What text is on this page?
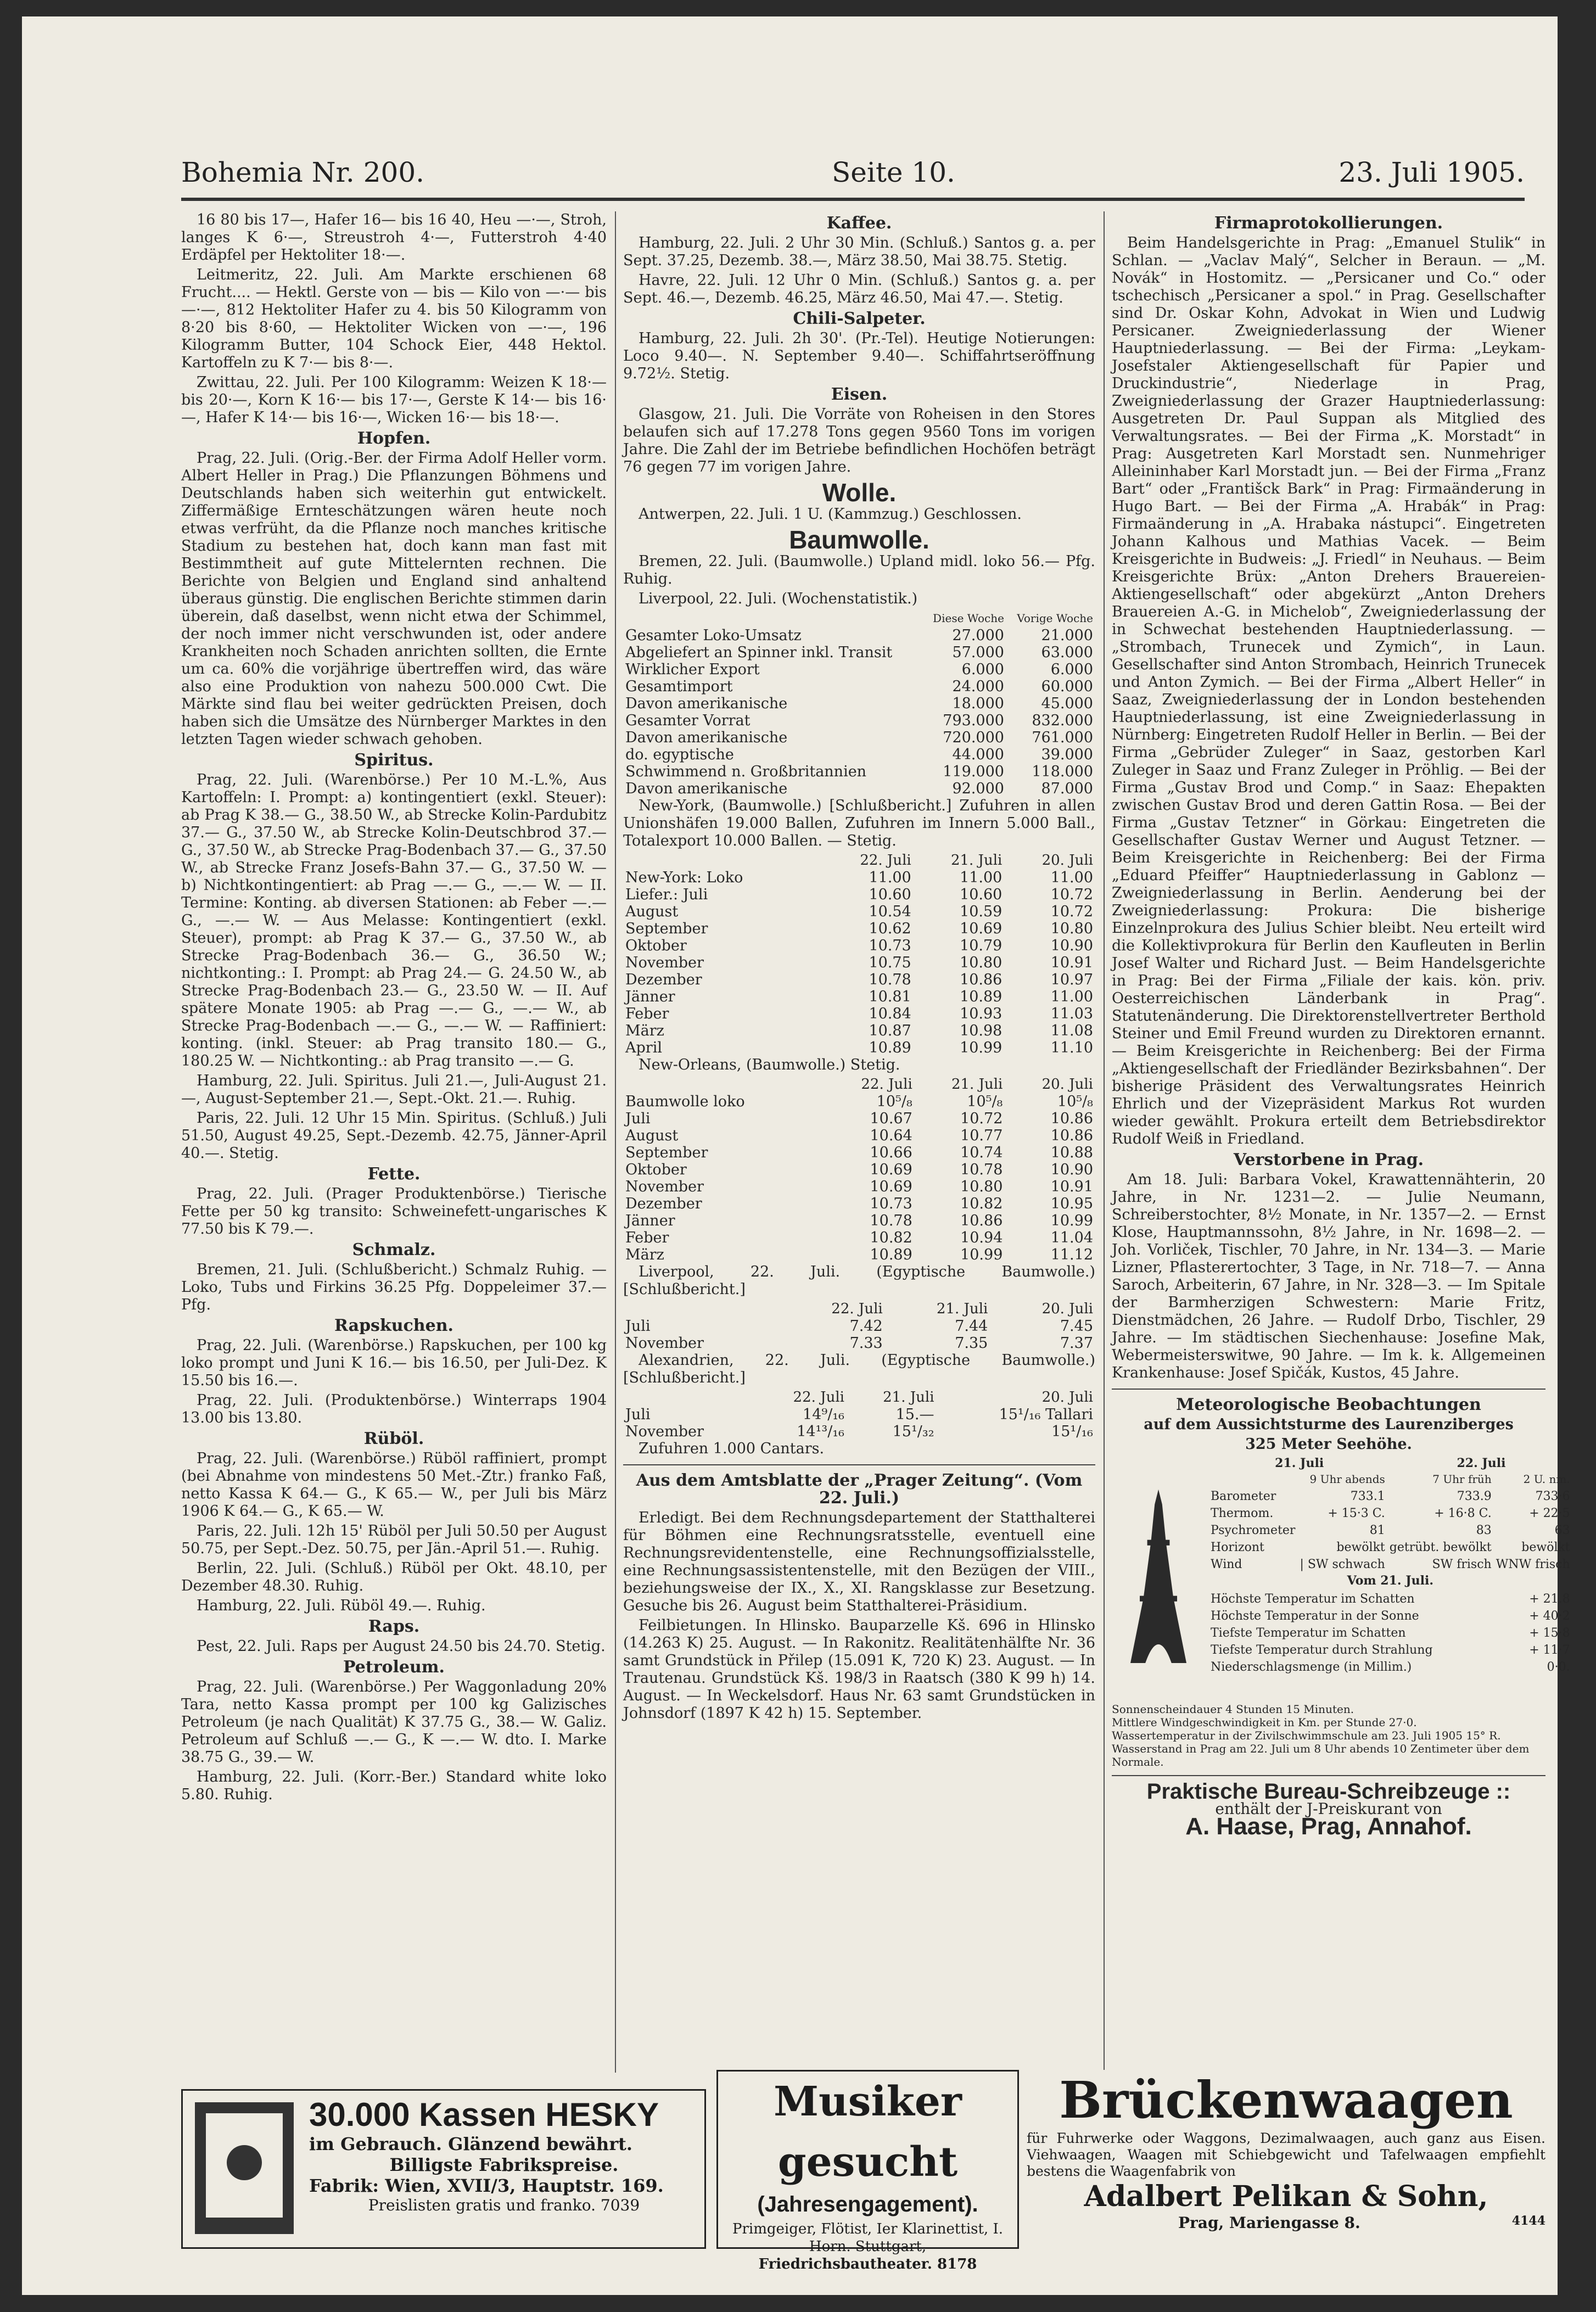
Bohemia Nr. 200.	Seite 10.	23. Juli 1905.

16 80 bis 17—, Hafer 16— bis 16 40, Heu —·—, Stroh, langes K 6·—, Streustroh 4·—, Futterstroh 4·40 Erdäpfel per Hektoliter 18·—.

Leitmeritz, 22. Juli. Am Markte erschienen 68 Frucht.... — Hektl. Gerste von — bis — Kilo von —·— bis —·—, 812 Hektoliter Hafer zu 4. bis 50 Kilogramm von 8·20 bis 8·60, — Hektoliter Wicken von —·—, 196 Kilogramm Butter, 104 Schock Eier, 448 Hektol. Kartoffeln zu K 7·— bis 8·—.

Zwittau, 22. Juli. Per 100 Kilogramm: Weizen K 18·— bis 20·—, Korn K 16·— bis 17·—, Gerste K 14·— bis 16·—, Hafer K 14·— bis 16·—, Wicken 16·— bis 18·—.

Hopfen.

Prag, 22. Juli. (Orig.-Ber. der Firma Adolf Heller vorm. Albert Heller in Prag.) Die Pflanzungen Böhmens und Deutschlands haben sich weiterhin gut entwickelt. Ziffermäßige Ernteschätzungen wären heute noch etwas verfrüht, da die Pflanze noch manches kritische Stadium zu bestehen hat, doch kann man fast mit Bestimmtheit auf gute Mittelernten rechnen. Die Berichte von Belgien und England sind anhaltend überaus günstig. Die englischen Berichte stimmen darin überein, daß daselbst, wenn nicht etwa der Schimmel, der noch immer nicht verschwunden ist, oder andere Krankheiten noch Schaden anrichten sollten, die Ernte um ca. 60% die vorjährige übertreffen wird, das wäre also eine Produktion von nahezu 500.000 Cwt. Die Märkte sind flau bei weiter gedrückten Preisen, doch haben sich die Umsätze des Nürnberger Marktes in den letzten Tagen wieder schwach gehoben.

Spiritus.

Prag, 22. Juli. (Warenbörse.) Per 10 M.-L.%, Aus Kartoffeln: I. Prompt: a) kontingentiert (exkl. Steuer): ab Prag K 38.— G., 38.50 W., ab Strecke Kolin-Pardubitz 37.— G., 37.50 W., ab Strecke Kolin-Deutschbrod 37.— G., 37.50 W., ab Strecke Prag-Bodenbach 37.— G., 37.50 W., ab Strecke Franz Josefs-Bahn 37.— G., 37.50 W. — b) Nichtkontingentiert: ab Prag —.— G., —.— W. — II. Termine: Konting. ab diversen Stationen: ab Feber —.— G., —.— W. — Aus Melasse: Kontingentiert (exkl. Steuer), prompt: ab Prag K 37.— G., 37.50 W., ab Strecke Prag-Bodenbach 36.— G., 36.50 W.; nichtkonting.: I. Prompt: ab Prag 24.— G. 24.50 W., ab Strecke Prag-Bodenbach 23.— G., 23.50 W. — II. Auf spätere Monate 1905: ab Prag —.— G., —.— W., ab Strecke Prag-Bodenbach —.— G., —.— W. — Raffiniert: konting. (inkl. Steuer: ab Prag transito 180.— G., 180.25 W. — Nichtkonting.: ab Prag transito —.— G.

Hamburg, 22. Juli. Spiritus. Juli 21.—, Juli-August 21.—, August-September 21.—, Sept.-Okt. 21.—. Ruhig.

Paris, 22. Juli. 12 Uhr 15 Min. Spiritus. (Schluß.) Juli 51.50, August 49.25, Sept.-Dezemb. 42.75, Jänner-April 40.—. Stetig.

Fette.

Prag, 22. Juli. (Prager Produktenbörse.) Tierische Fette per 50 kg transito: Schweinefett-ungarisches K 77.50 bis K 79.—.

Schmalz.

Bremen, 21. Juli. (Schlußbericht.) Schmalz Ruhig. — Loko, Tubs und Firkins 36.25 Pfg. Doppeleimer 37.— Pfg.

Rapskuchen.

Prag, 22. Juli. (Warenbörse.) Rapskuchen, per 100 kg loko prompt und Juni K 16.— bis 16.50, per Juli-Dez. K 15.50 bis 16.—.

Prag, 22. Juli. (Produktenbörse.) Winterraps 1904 13.00 bis 13.80.

Rüböl.

Prag, 22. Juli. (Warenbörse.) Rüböl raffiniert, prompt (bei Abnahme von mindestens 50 Met.-Ztr.) franko Faß, netto Kassa K 64.— G., K 65.— W., per Juli bis März 1906 K 64.— G., K 65.— W.

Paris, 22. Juli. 12h 15' Rüböl per Juli 50.50 per August 50.75, per Sept.-Dez. 50.75, per Jän.-April 51.—. Ruhig.

Berlin, 22. Juli. (Schluß.) Rüböl per Okt. 48.10, per Dezember 48.30. Ruhig.

Hamburg, 22. Juli. Rüböl 49.—. Ruhig.

Raps.

Pest, 22. Juli. Raps per August 24.50 bis 24.70. Stetig.

Petroleum.

Prag, 22. Juli. (Warenbörse.) Per Waggonladung 20% Tara, netto Kassa prompt per 100 kg Galizisches Petroleum (je nach Qualität) K 37.75 G., 38.— W. Galiz. Petroleum auf Schluß —.— G., K —.— W. dto. I. Marke 38.75 G., 39.— W.

Hamburg, 22. Juli. (Korr.-Ber.) Standard white loko 5.80. Ruhig.

Kaffee.

Hamburg, 22. Juli. 2 Uhr 30 Min. (Schluß.) Santos g. a. per Sept. 37.25, Dezemb. 38.—, März 38.50, Mai 38.75. Stetig.

Havre, 22. Juli. 12 Uhr 0 Min. (Schluß.) Santos g. a. per Sept. 46.—, Dezemb. 46.25, März 46.50, Mai 47.—. Stetig.

Chili-Salpeter.

Hamburg, 22. Juli. 2h 30'. (Pr.-Tel). Heutige Notierungen: Loco 9.40—. N. September 9.40—. Schiffahrtseröffnung 9.72½. Stetig.

Eisen.

Glasgow, 21. Juli. Die Vorräte von Roheisen in den Stores belaufen sich auf 17.278 Tons gegen 9560 Tons im vorigen Jahre. Die Zahl der im Betriebe befindlichen Hochöfen beträgt 76 gegen 77 im vorigen Jahre.

Wolle.

Antwerpen, 22. Juli. 1 U. (Kammzug.) Geschlossen.

Baumwolle.

Bremen, 22. Juli. (Baumwolle.) Upland midl. loko 56.— Pfg. Ruhig.

Liverpool, 22. Juli. (Wochenstatistik.)

	Diese Woche	Vorige Woche
Gesamter Loko-Umsatz	27.000	21.000
Abgeliefert an Spinner inkl. Transit	57.000	63.000
Wirklicher Export	6.000	6.000
Gesamtimport	24.000	60.000
Davon amerikanische	18.000	45.000
Gesamter Vorrat	793.000	832.000
Davon amerikanische	720.000	761.000
do. egyptische	44.000	39.000
Schwimmend n. Großbritannien	119.000	118.000
Davon amerikanische	92.000	87.000

New-York, (Baumwolle.) [Schlußbericht.] Zufuhren in allen Unionshäfen 19.000 Ballen, Zufuhren im Innern 5.000 Ball., Totalexport 10.000 Ballen. — Stetig.

	22. Juli	21. Juli	20. Juli
New-York: Loko	11.00	11.00	11.00
Liefer.: Juli	10.60	10.60	10.72
August	10.54	10.59	10.72
September	10.62	10.69	10.80
Oktober	10.73	10.79	10.90
November	10.75	10.80	10.91
Dezember	10.78	10.86	10.97
Jänner	10.81	10.89	11.00
Feber	10.84	10.93	11.03
März	10.87	10.98	11.08
April	10.89	10.99	11.10

New-Orleans, (Baumwolle.) Stetig.

	22. Juli	21. Juli	20. Juli
Baumwolle loko	10⁵/₈	10⁵/₈	10⁵/₈
Juli	10.67	10.72	10.86
August	10.64	10.77	10.86
September	10.66	10.74	10.88
Oktober	10.69	10.78	10.90
November	10.69	10.80	10.91
Dezember	10.73	10.82	10.95
Jänner	10.78	10.86	10.99
Feber	10.82	10.94	11.04
März	10.89	10.99	11.12

Liverpool, 22. Juli. (Egyptische Baumwolle.) [Schlußbericht.]

	22. Juli	21. Juli	20. Juli
Juli	7.42	7.44	7.45
November	7.33	7.35	7.37

Alexandrien, 22. Juli. (Egyptische Baumwolle.) [Schlußbericht.]

	22. Juli	21. Juli	20. Juli
Juli	14⁹/₁₆	15.—	15¹/₁₆ Tallari
November	14¹³/₁₆	15¹/₃₂	15¹/₁₆

Zufuhren 1.000 Cantars.

Aus dem Amtsblatte der „Prager Zeitung“. (Vom 22. Juli.)

Erledigt. Bei dem Rechnungsdepartement der Statthalterei für Böhmen eine Rechnungsratsstelle, eventuell eine Rechnungsrevidentenstelle, eine Rechnungsoffizialsstelle, eine Rechnungsassistentenstelle, mit den Bezügen der VIII., beziehungsweise der IX., X., XI. Rangsklasse zur Besetzung. Gesuche bis 26. August beim Statthalterei-Präsidium.

Feilbietungen. In Hlinsko. Bauparzelle Kš. 696 in Hlinsko (14.263 K) 25. August. — In Rakonitz. Realitätenhälfte Nr. 36 samt Grundstück in Přilep (15.091 K, 720 K) 23. August. — In Trautenau. Grundstück Kš. 198/3 in Raatsch (380 K 99 h) 14. August. — In Weckelsdorf. Haus Nr. 63 samt Grundstücken in Johnsdorf (1897 K 42 h) 15. September.

Firmaprotokollierungen.

Beim Handelsgerichte in Prag: „Emanuel Stulik“ in Schlan. — „Vaclav Malý“, Selcher in Beraun. — „M. Novák“ in Hostomitz. — „Persicaner und Co.“ oder tschechisch „Persicaner a spol.“ in Prag. Gesellschafter sind Dr. Oskar Kohn, Advokat in Wien und Ludwig Persicaner. Zweigniederlassung der Wiener Hauptniederlassung. — Bei der Firma: „Leykam-Josefstaler Aktiengesellschaft für Papier und Druckindustrie“, Niederlage in Prag, Zweigniederlassung der Grazer Hauptniederlassung: Ausgetreten Dr. Paul Suppan als Mitglied des Verwaltungsrates. — Bei der Firma „K. Morstadt“ in Prag: Ausgetreten Karl Morstadt sen. Nunmehriger Alleininhaber Karl Morstadt jun. — Bei der Firma „Franz Bart“ oder „Františck Bark“ in Prag: Firmaänderung in Hugo Bart. — Bei der Firma „A. Hrabák“ in Prag: Firmaänderung in „A. Hrabaka nástupci“. Eingetreten Johann Kalhous und Mathias Vacek. — Beim Kreisgerichte in Budweis: „J. Friedl“ in Neuhaus. — Beim Kreisgerichte Brüx: „Anton Drehers Brauereien-Aktiengesellschaft“ oder abgekürzt „Anton Drehers Brauereien A.-G. in Michelob“, Zweigniederlassung der in Schwechat bestehenden Hauptniederlassung. — „Strombach, Trunecek und Zymich“, in Laun. Gesellschafter sind Anton Strombach, Heinrich Trunecek und Anton Zymich. — Bei der Firma „Albert Heller“ in Saaz, Zweigniederlassung der in London bestehenden Hauptniederlassung, ist eine Zweigniederlassung in Nürnberg: Eingetreten Rudolf Heller in Berlin. — Bei der Firma „Gebrüder Zuleger“ in Saaz, gestorben Karl Zuleger in Saaz und Franz Zuleger in Pröhlig. — Bei der Firma „Gustav Brod und Comp.“ in Saaz: Ehepakten zwischen Gustav Brod und deren Gattin Rosa. — Bei der Firma „Gustav Tetzner“ in Görkau: Eingetreten die Gesellschafter Gustav Werner und August Tetzner. — Beim Kreisgerichte in Reichenberg: Bei der Firma „Eduard Pfeiffer“ Hauptniederlassung in Gablonz — Zweigniederlassung in Berlin. Aenderung bei der Zweigniederlassung: Prokura: Die bisherige Einzelnprokura des Julius Schier bleibt. Neu erteilt wird die Kollektivprokura für Berlin den Kaufleuten in Berlin Josef Walter und Richard Just. — Beim Handelsgerichte in Prag: Bei der Firma „Filiale der kais. kön. priv. Oesterreichischen Länderbank in Prag“. Statutenänderung. Die Direktorenstellvertreter Berthold Steiner und Emil Freund wurden zu Direktoren ernannt. — Beim Kreisgerichte in Reichenberg: Bei der Firma „Aktiengesellschaft der Friedländer Bezirksbahnen“. Der bisherige Präsident des Verwaltungsrates Heinrich Ehrlich und der Vizepräsident Markus Rot wurden wieder gewählt. Prokura erteilt dem Betriebsdirektor Rudolf Weiß in Friedland.

Verstorbene in Prag.

Am 18. Juli: Barbara Vokel, Krawattennähterin, 20 Jahre, in Nr. 1231—2. — Julie Neumann, Schreiberstochter, 8½ Monate, in Nr. 1357—2. — Ernst Klose, Hauptmannssohn, 8½ Jahre, in Nr. 1698—2. — Joh. Vorliček, Tischler, 70 Jahre, in Nr. 134—3. — Marie Lizner, Pflasterertochter, 3 Tage, in Nr. 718—7. — Anna Saroch, Arbeiterin, 67 Jahre, in Nr. 328—3. — Im Spitale der Barmherzigen Schwestern: Marie Fritz, Dienstmädchen, 26 Jahre. — Rudolf Drbo, Tischler, 29 Jahre. — Im städtischen Siechenhause: Josefine Mak, Webermeisterswitwe, 90 Jahre. — Im k. k. Allgemeinen Krankenhause: Josef Spičák, Kustos, 45 Jahre.

Meteorologische Beobachtungen

auf dem Aussichtsturme des Laurenziberges

325 Meter Seehöhe.

21. Juli	22. Juli
	9 Uhr abends	7 Uhr früh	2 U. nm.
Barometer	733.1	733.9	733·6
Thermom.	+ 15·3 C.	+ 16·8 C.	+ 22·5
Psychrometer	81	83	63
Horizont	bewölkt	getrübt. bewölkt	bewölkt
Wind	| SW schwach	SW frisch	WNW frisch

Vom 21. Juli.

Höchste Temperatur im Schatten	+ 21.8
Höchste Temperatur in der Sonne	+ 40·2
Tiefste Temperatur im Schatten	+ 15·8
Tiefste Temperatur durch Strahlung	+ 11·7
Niederschlagsmenge (in Millim.)	0·0.
Sonnenscheindauer 4 Stunden 15 Minuten.
Mittlere Windgeschwindigkeit in Km. per Stunde 27·0.
Wassertemperatur in der Zivilschwimmschule am 23. Juli 1905 15° R.
Wasserstand in Prag am 22. Juli um 8 Uhr abends 10 Zentimeter über dem Normale.
Praktische Bureau-Schreibzeuge ::
enthält der J-Preiskurant von
A. Haase, Prag, Annahof.
30.000 Kassen HESKY
im Gebrauch. Glänzend bewährt.
Billigste Fabrikspreise.
Fabrik: Wien, XVII/3, Hauptstr. 169.
Preislisten gratis und franko. 7039
Musiker gesucht
(Jahresengagement).
Primgeiger, Flötist, Ier Klarinettist, I. Horn. Stuttgart,
Friedrichsbautheater. 8178
Brückenwaagen
für Fuhrwerke oder Waggons, Dezimalwaagen, auch ganz aus Eisen. Viehwaagen, Waagen mit Schiebgewicht und Tafelwaagen empfiehlt bestens die Waagenfabrik von
Adalbert Pelikan & Sohn,
Prag, Mariengasse 8.	4144
